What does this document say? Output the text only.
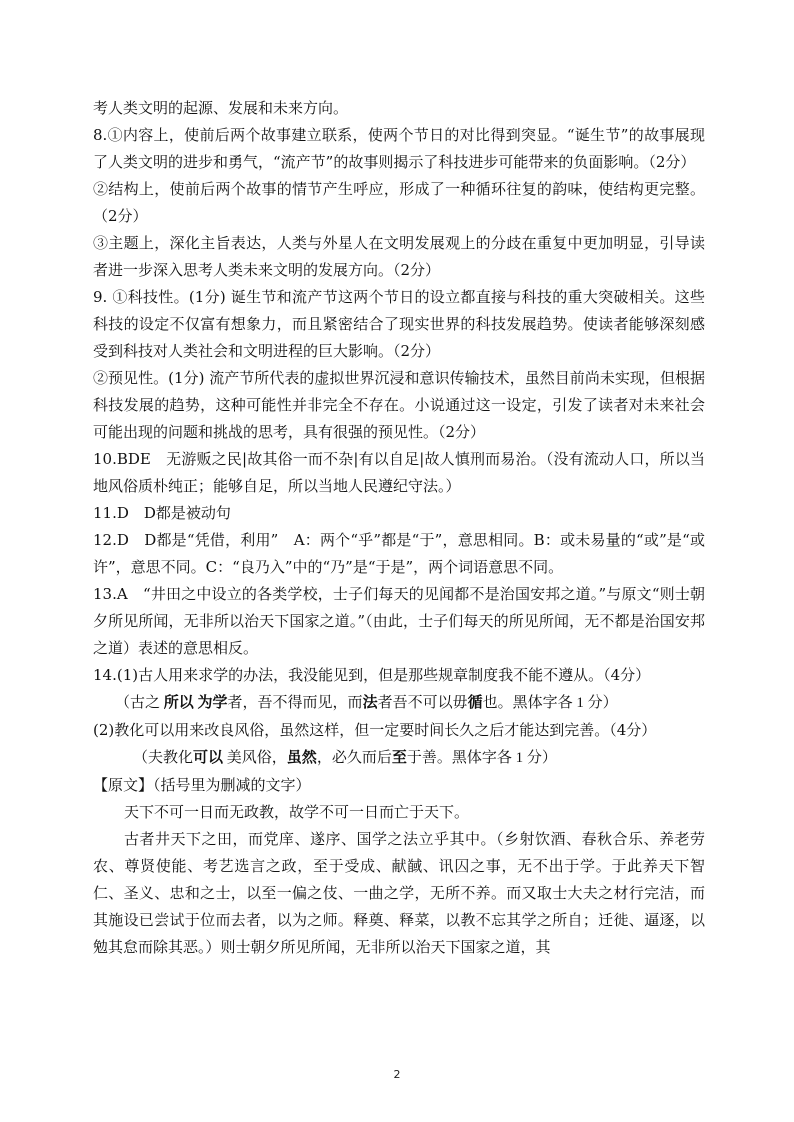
考人类文明的起源、发展和未来方向。

8.①内容上，使前后两个故事建立联系，使两个节日的对比得到突显。“诞生节”的故事展现了人类文明的进步和勇气，“流产节”的故事则揭示了科技进步可能带来的负面影响。（2分）

②结构上，使前后两个故事的情节产生呼应，形成了一种循环往复的韵味，使结构更完整。（2分）

③主题上，深化主旨表达，人类与外星人在文明发展观上的分歧在重复中更加明显，引导读者进一步深入思考人类未来文明的发展方向。（2分）

9. ①科技性。(1分) 诞生节和流产节这两个节日的设立都直接与科技的重大突破相关。这些科技的设定不仅富有想象力，而且紧密结合了现实世界的科技发展趋势。使读者能够深刻感受到科技对人类社会和文明进程的巨大影响。（2分）

②预见性。(1分) 流产节所代表的虚拟世界沉浸和意识传输技术，虽然目前尚未实现，但根据科技发展的趋势，这种可能性并非完全不存在。小说通过这一设定，引发了读者对未来社会可能出现的问题和挑战的思考，具有很强的预见性。（2分）

10.BDE　无游贩之民|故其俗一而不杂|有以自足|故人慎刑而易治。（没有流动人口，所以当地风俗质朴纯正；能够自足，所以当地人民遵纪守法。）

11.D　D都是被动句

12.D　D都是“凭借，利用”　A：两个“乎”都是“于”，意思相同。B：或未易量的“或”是“或许”，意思不同。C：“良乃入”中的“乃”是“于是”，两个词语意思不同。

13.A　“井田之中设立的各类学校，士子们每天的见闻都不是治国安邦之道。”与原文“则士朝夕所见所闻，无非所以治天下国家之道。”（由此，士子们每天的所见所闻，无不都是治国安邦之道）表述的意思相反。

14.(1)古人用来求学的办法，我没能见到，但是那些规章制度我不能不遵从。（4分）

（古之 所以 为学者，吾不得而见，而法者吾不可以毋循也。黑体字各 1 分）

(2)教化可以用来改良风俗，虽然这样，但一定要时间长久之后才能达到完善。（4分）

（夫教化可以 美风俗，虽然，必久而后至于善。黑体字各 1 分）

【原文】（括号里为删减的文字）

天下不可一日而无政教，故学不可一日而亡于天下。

古者井天下之田，而党庠、遂序、国学之法立乎其中。（乡射饮酒、春秋合乐、养老劳农、尊贤使能、考艺选言之政，至于受成、献馘、讯囚之事，无不出于学。于此养天下智仁、圣义、忠和之士，以至一偏之伎、一曲之学，无所不养。而又取士大夫之材行完洁，而其施设已尝试于位而去者，以为之师。释奠、释菜，以教不忘其学之所自；迁徙、逼逐，以勉其怠而除其恶。）则士朝夕所见所闻，无非所以治天下国家之道，其

2
